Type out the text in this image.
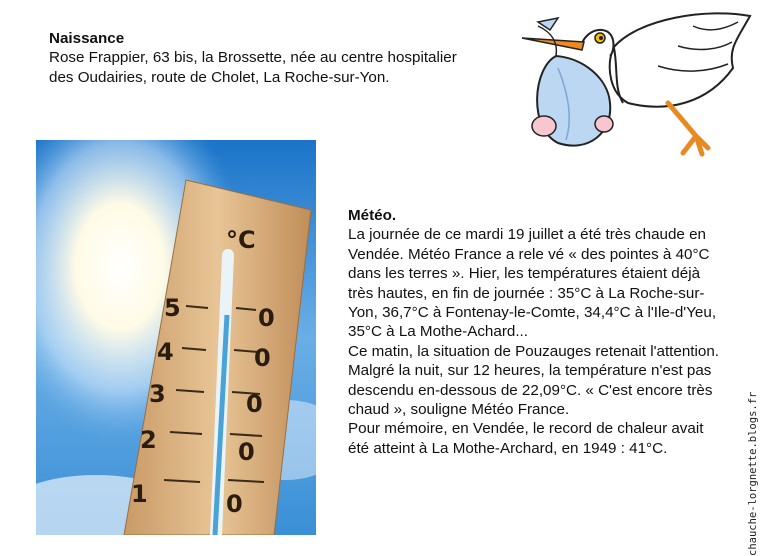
Naissance
Rose Frappier, 63 bis, la Brossette, née au centre hospitalier des Oudairies, route de Cholet, La Roche-sur-Yon.
°C
5
4
3
2
1
0
0
0
0
0
Météo.

La journée de ce mardi 19 juillet a été très chaude en Vendée. Météo France a rele vé « des pointes à 40°C dans les terres ». Hier, les températures étaient déjà très hautes, en fin de journée : 35°C à La Roche-sur-Yon, 36,7°C à Fontenay-le-Comte, 34,4°C à l'Ile-d'Yeu, 35°C à La Mothe-Achard...

Ce matin, la situation de Pouzauges retenait l'attention. Malgré la nuit, sur 12 heures, la température n'est pas descendu en-dessous de 22,09°C. « C'est encore très chaud », souligne Météo France.

Pour mémoire, en Vendée, le record de chaleur avait été atteint à La Mothe-Archard, en 1949 : 41°C.	chauche-lorgnette.blogs.fr
